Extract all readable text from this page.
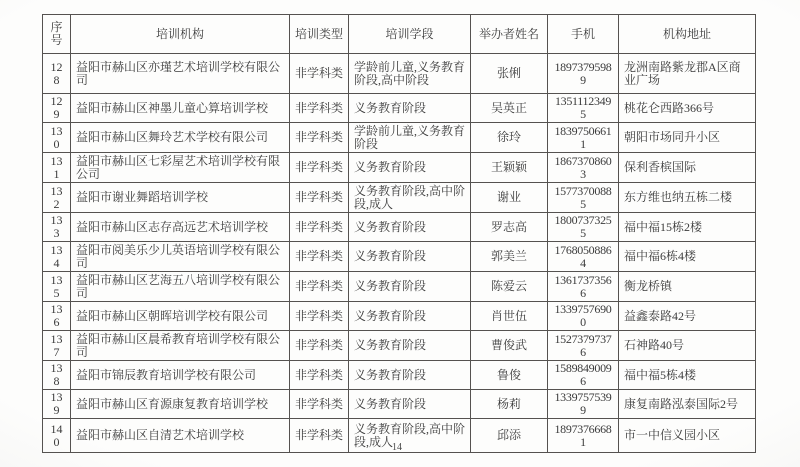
序号	培训机构	培训类型	培训学段	举办者姓名	手机	机构地址
128	益阳市赫山区亦瑾艺术培训学校有限公司	非学科类	学龄前儿童,义务教育阶段,高中阶段	张俐	18973795989	龙洲南路紫龙郡A区商业广场
129	益阳市赫山区神墨儿童心算培训学校	非学科类	义务教育阶段	吴英正	13511123495	桃花仑西路366号
130	益阳市赫山区舞玲艺术学校有限公司	非学科类	学龄前儿童,义务教育阶段	徐玲	18397506611	朝阳市场同升小区
131	益阳市赫山区七彩屋艺术培训学校有限公司	非学科类	义务教育阶段	王颖颖	18673708603	保利香槟国际
132	益阳市谢业舞蹈培训学校	非学科类	义务教育阶段,高中阶段,成人	谢业	15773700885	东方维也纳五栋二楼
133	益阳市赫山区志存高远艺术培训学校	非学科类	义务教育阶段	罗志高	18007373255	福中福15栋2楼
134	益阳市阅美乐少儿英语培训学校有限公司	非学科类	义务教育阶段	郭美兰	17680508864	福中福6栋4楼
135	益阳市赫山区艺海五八培训学校有限公司	非学科类	义务教育阶段	陈爱云	13617373566	衡龙桥镇
136	益阳市赫山区朝晖培训学校有限公司	非学科类	义务教育阶段	肖世伍	13397576900	益鑫泰路42号
137	益阳市赫山区晨希教育培训学校有限公司	非学科类	义务教育阶段	曹俊武	15273797376	石神路40号
138	益阳市锦辰教育培训学校有限公司	非学科类	义务教育阶段	鲁俊	15898490096	福中福5栋4楼
139	益阳市赫山区育源康复教育培训学校	非学科类	义务教育阶段	杨莉	13397575399	康复南路泓泰国际2号
140	益阳市赫山区自清艺术培训学校	非学科类	义务教育阶段,高中阶段,成人	邱添	18973766681	市一中信义园小区
14
